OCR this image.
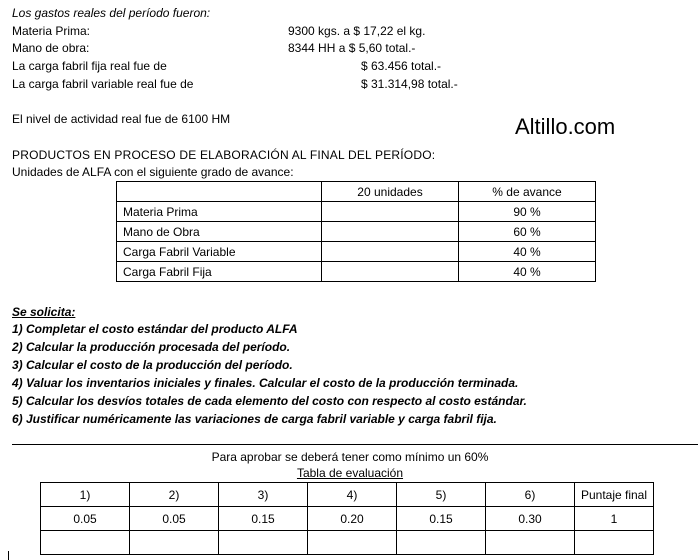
Los gastos reales del período fueron:
Materia Prima:	9300 kgs. a $ 17,22 el kg.
Mano de obra:	8344 HH a $ 5,60 total.-
La carga fabril fija real fue de	$ 63.456 total.-
La carga fabril variable real fue de	$ 31.314,98 total.-
El nivel de actividad real fue de 6100 HM	Altillo.com
PRODUCTOS EN PROCESO DE ELABORACIÓN AL FINAL DEL PERÍODO:
Unidades de ALFA con el siguiente grado de avance:
	20 unidades	% de avance
Materia Prima		90 %
Mano de Obra		60 %
Carga Fabril Variable		40 %
Carga Fabril Fija		40 %
Se solicita:
1) Completar el costo estándar del producto ALFA
2) Calcular la producción procesada del período.
3) Calcular el costo de la producción del período.
4) Valuar los inventarios iniciales y finales. Calcular el costo de la producción terminada.
5) Calcular los desvíos totales de cada elemento del costo con respecto al costo estándar.
6) Justificar numéricamente las variaciones de carga fabril variable y carga fabril fija.
Para aprobar se deberá tener como mínimo un 60%
Tabla de evaluación
1)	2)	3)	4)	5)	6)	Puntaje final
0.05	0.05	0.15	0.20	0.15	0.30	1
